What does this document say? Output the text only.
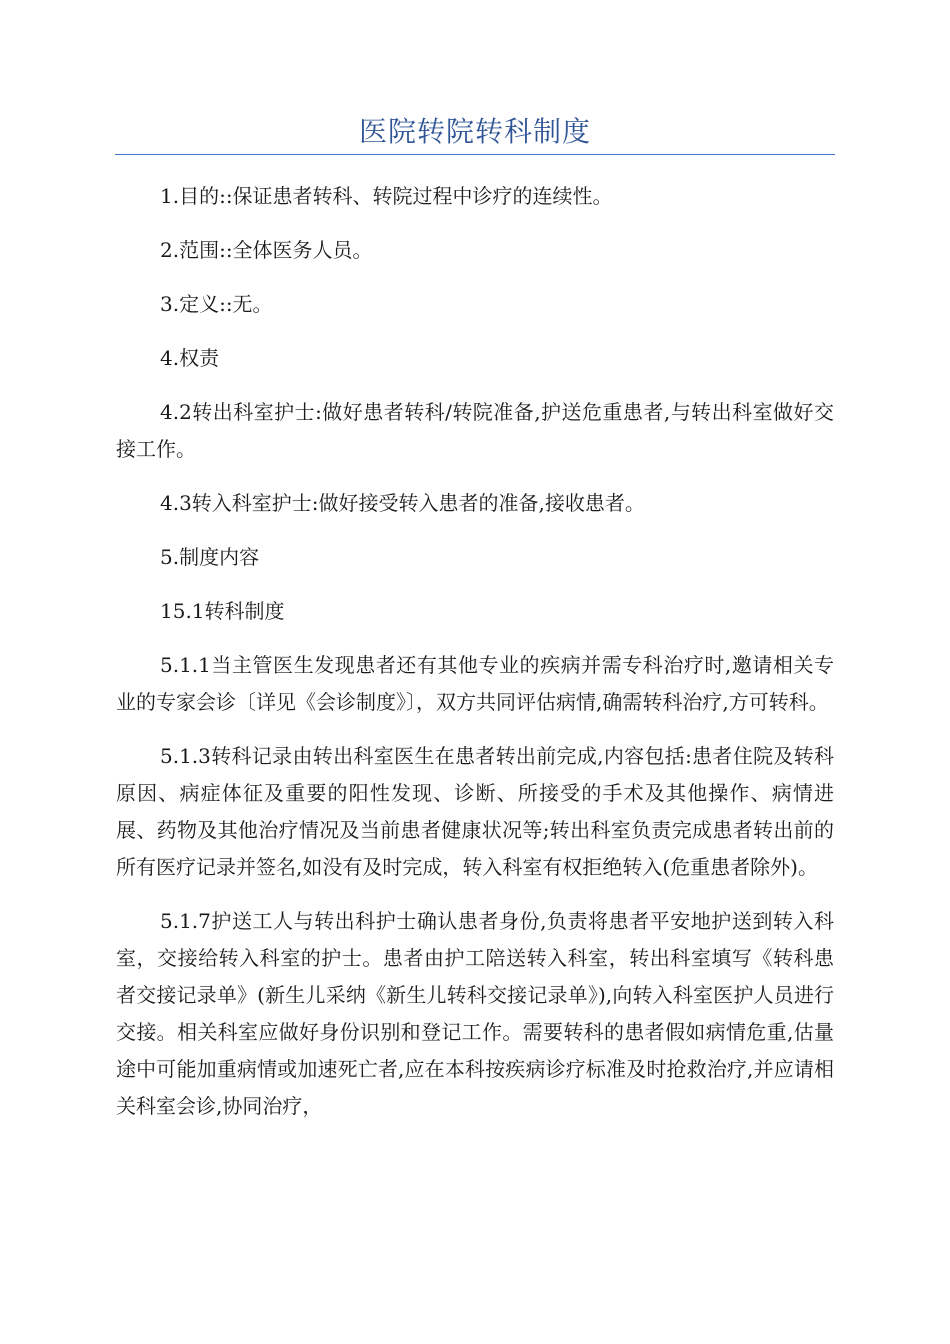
医院转院转科制度

1.目的::保证患者转科、转院过程中诊疗的连续性。

2.范围::全体医务人员。

3.定义::无。

4.权责

4.2转出科室护士:做好患者转科/转院准备,护送危重患者,与转出科室做好交接工作。

4.3转入科室护士:做好接受转入患者的准备,接收患者。

5.制度内容

15.1转科制度

5.1.1当主管医生发现患者还有其他专业的疾病并需专科治疗时,邀请相关专业的专家会诊〔详见《会诊制度》〕，双方共同评估病情,确需转科治疗,方可转科。

5.1.3转科记录由转出科室医生在患者转出前完成,内容包括:患者住院及转科原因、病症体征及重要的阳性发现、诊断、所接受的手术及其他操作、病情进展、药物及其他治疗情况及当前患者健康状况等;转出科室负责完成患者转出前的所有医疗记录并签名,如没有及时完成，转入科室有权拒绝转入(危重患者除外)。

5.1.7护送工人与转出科护士确认患者身份,负责将患者平安地护送到转入科室，交接给转入科室的护士。患者由护工陪送转入科室，转出科室填写《转科患者交接记录单》(新生儿采纳《新生儿转科交接记录单》),向转入科室医护人员进行交接。相关科室应做好身份识别和登记工作。需要转科的患者假如病情危重,估量途中可能加重病情或加速死亡者,应在本科按疾病诊疗标准及时抢救治疗,并应请相关科室会诊,协同治疗，
